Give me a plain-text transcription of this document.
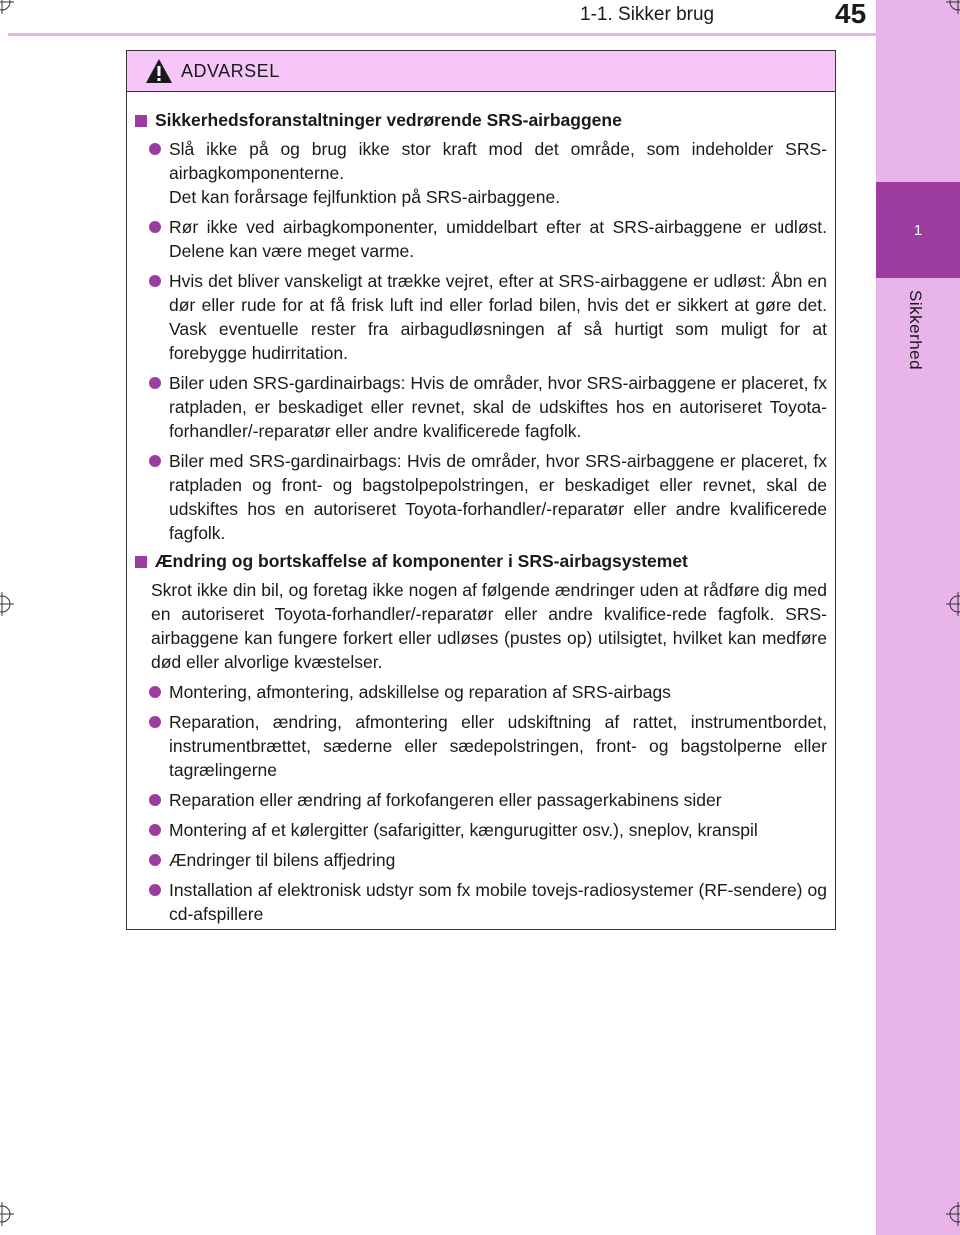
1
Sikkerhed
1-1. Sikker brug	45
ADVARSEL
Sikkerhedsforanstaltninger vedrørende SRS-airbaggene
Slå ikke på og brug ikke stor kraft mod det område, som indeholder SRS-airbagkomponenterne.
Det kan forårsage fejlfunktion på SRS-airbaggene.
Rør ikke ved airbagkomponenter, umiddelbart efter at SRS-airbaggene er udløst. Delene kan være meget varme.
Hvis det bliver vanskeligt at trække vejret, efter at SRS-airbaggene er udløst: Åbn en dør eller rude for at få frisk luft ind eller forlad bilen, hvis det er sikkert at gøre det. Vask eventuelle rester fra airbagudløsningen af så hurtigt som muligt for at forebygge hudirritation.
Biler uden SRS-gardinairbags: Hvis de områder, hvor SRS-airbaggene er placeret, fx ratpladen, er beskadiget eller revnet, skal de udskiftes hos en autoriseret Toyota-forhandler/-reparatør eller andre kvalificerede fagfolk.
Biler med SRS-gardinairbags: Hvis de områder, hvor SRS-airbaggene er placeret, fx ratpladen og front- og bagstolpepolstringen, er beskadiget eller revnet, skal de udskiftes hos en autoriseret Toyota-forhandler/-reparatør eller andre kvalificerede fagfolk.
Ændring og bortskaffelse af komponenter i SRS-airbagsystemet
Skrot ikke din bil, og foretag ikke nogen af følgende ændringer uden at rådføre dig med en autoriseret Toyota-forhandler/-reparatør eller andre kvalifice-rede fagfolk. SRS-airbaggene kan fungere forkert eller udløses (pustes op) utilsigtet, hvilket kan medføre død eller alvorlige kvæstelser.
Montering, afmontering, adskillelse og reparation af SRS-airbags
Reparation, ændring, afmontering eller udskiftning af rattet, instrumentbordet, instrumentbrættet, sæderne eller sædepolstringen, front- og bagstolperne eller tagrælingerne
Reparation eller ændring af forkofangeren eller passagerkabinens sider
Montering af et kølergitter (safarigitter, kængurugitter osv.), sneplov, kranspil
Ændringer til bilens affjedring
Installation af elektronisk udstyr som fx mobile tovejs-radiosystemer (RF-sendere) og cd-afspillere
